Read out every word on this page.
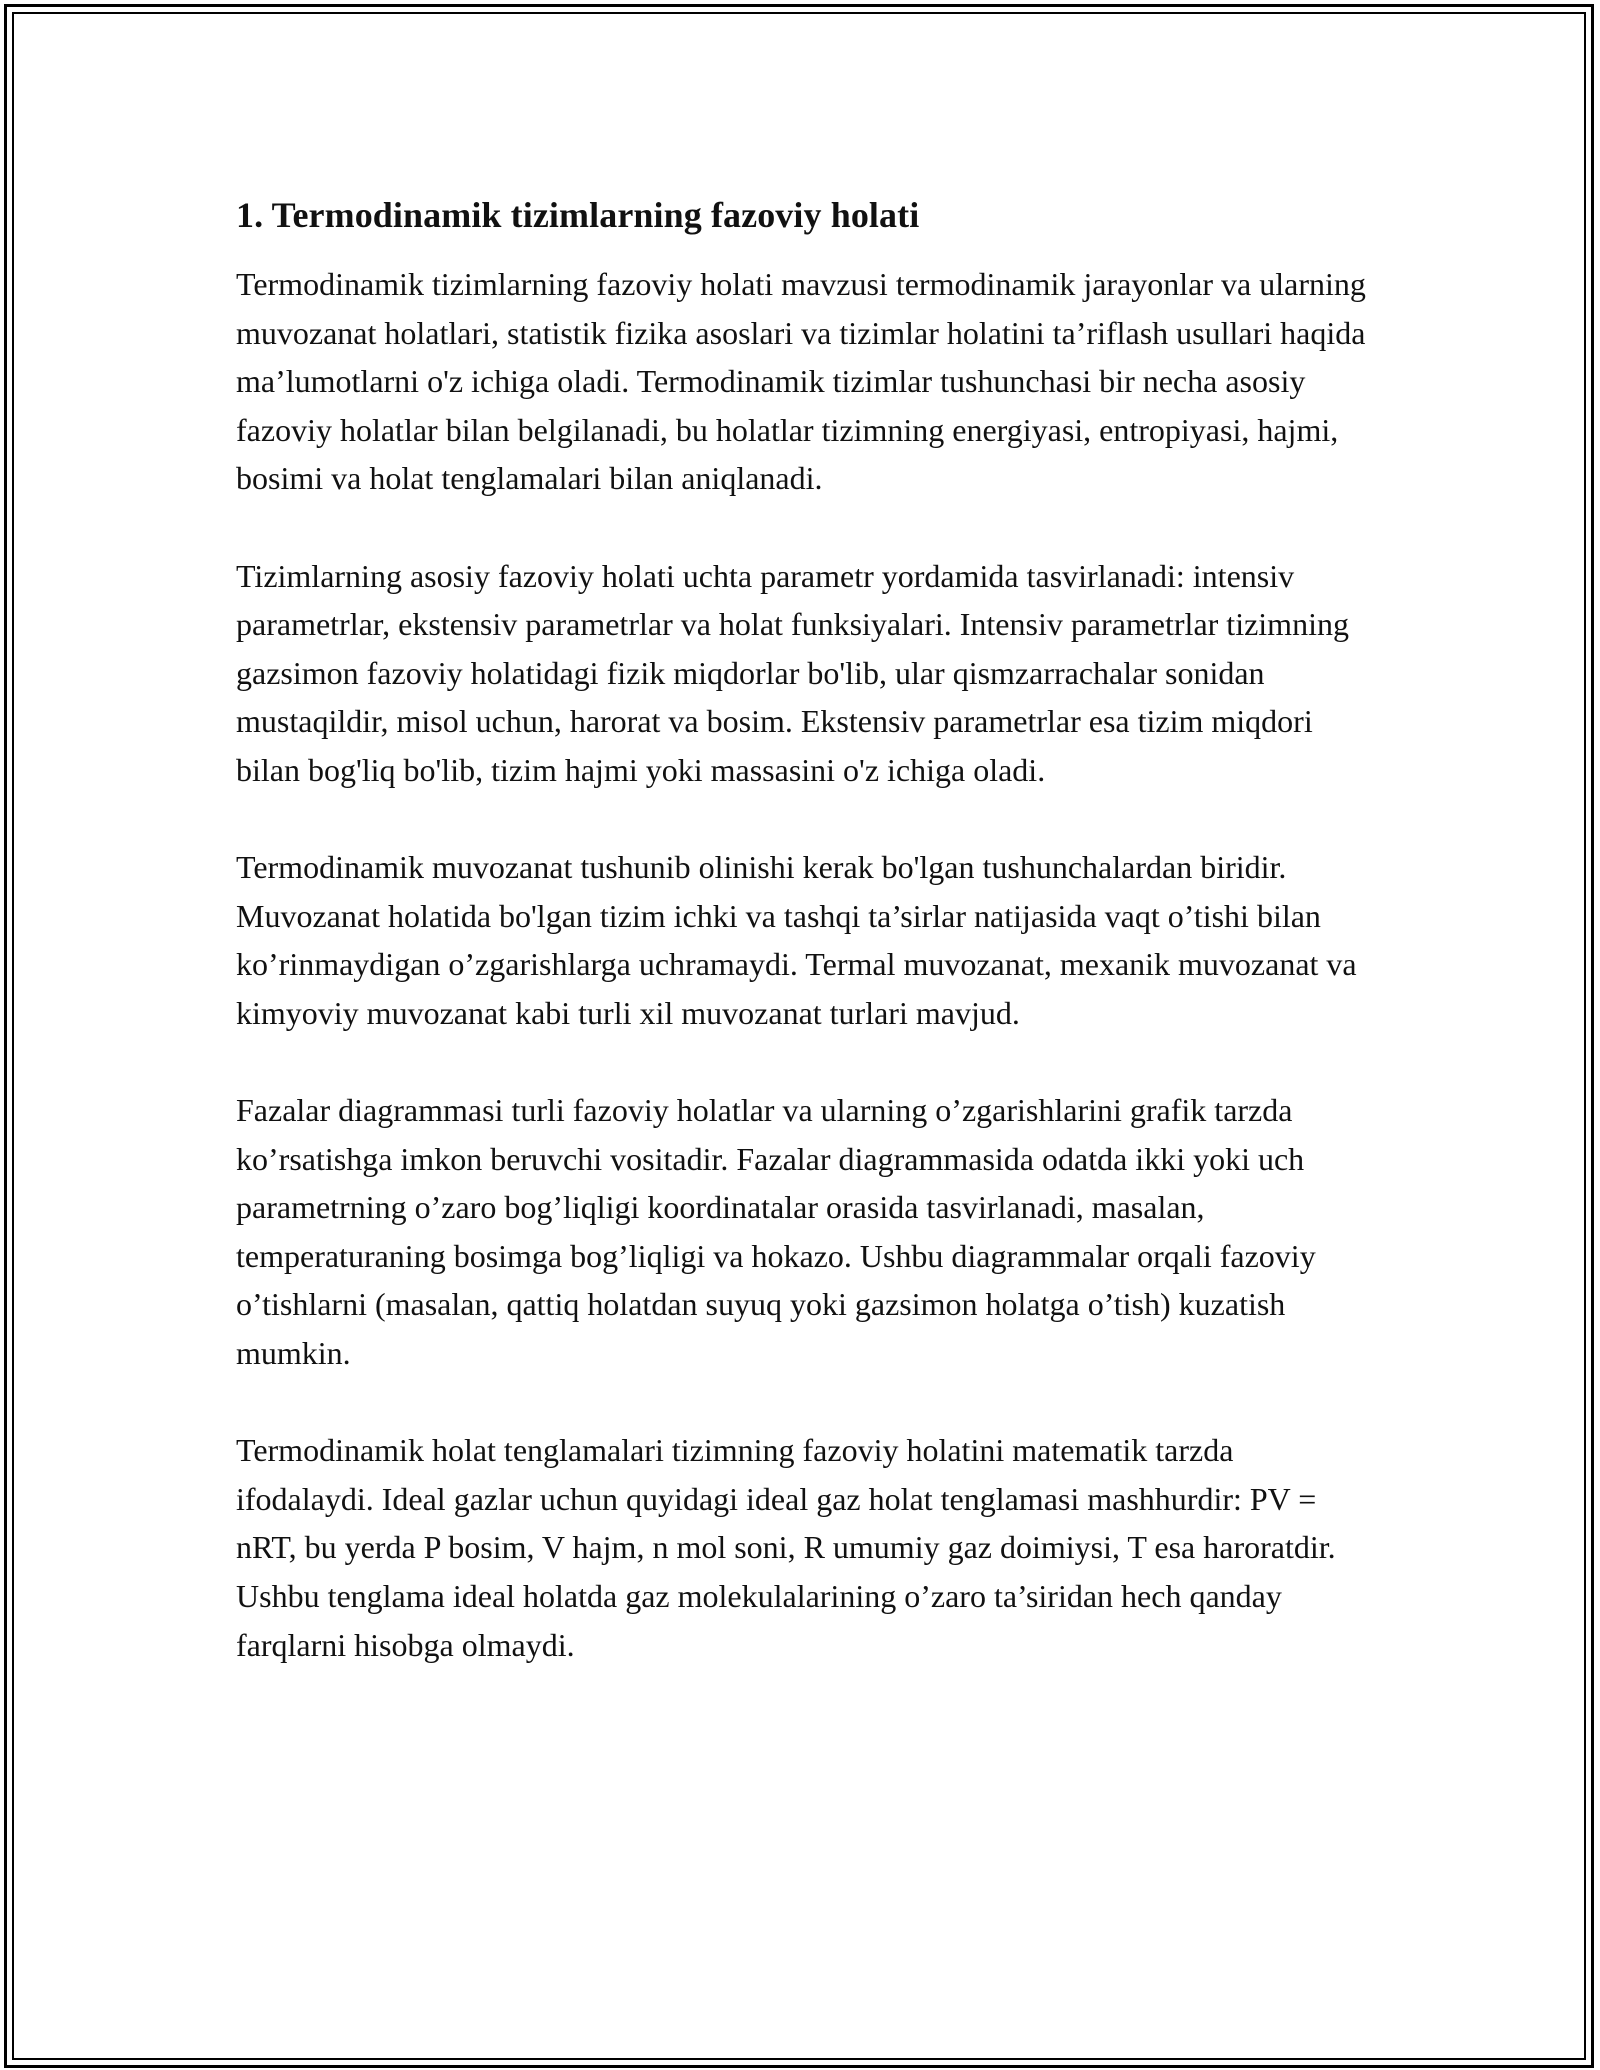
1. Termodinamik tizimlarning fazoviy holati

Termodinamik tizimlarning fazoviy holati mavzusi termodinamik jarayonlar va ularning muvozanat holatlari, statistik fizika asoslari va tizimlar holatini ta’riflash usullari haqida ma’lumotlarni o'z ichiga oladi. Termodinamik tizimlar tushunchasi bir necha asosiy fazoviy holatlar bilan belgilanadi, bu holatlar tizimning energiyasi, entropiyasi, hajmi, bosimi va holat tenglamalari bilan aniqlanadi.

Tizimlarning asosiy fazoviy holati uchta parametr yordamida tasvirlanadi: intensiv parametrlar, ekstensiv parametrlar va holat funksiyalari. Intensiv parametrlar tizimning gazsimon fazoviy holatidagi fizik miqdorlar bo'lib, ular qismzarrachalar sonidan mustaqildir, misol uchun, harorat va bosim. Ekstensiv parametrlar esa tizim miqdori bilan bog'liq bo'lib, tizim hajmi yoki massasini o'z ichiga oladi.

Termodinamik muvozanat tushunib olinishi kerak bo'lgan tushunchalardan biridir. Muvozanat holatida bo'lgan tizim ichki va tashqi ta’sirlar natijasida vaqt o’tishi bilan ko’rinmaydigan o’zgarishlarga uchramaydi. Termal muvozanat, mexanik muvozanat va kimyoviy muvozanat kabi turli xil muvozanat turlari mavjud.

Fazalar diagrammasi turli fazoviy holatlar va ularning o’zgarishlarini grafik tarzda ko’rsatishga imkon beruvchi vositadir. Fazalar diagrammasida odatda ikki yoki uch parametrning o’zaro bog’liqligi koordinatalar orasida tasvirlanadi, masalan, temperaturaning bosimga bog’liqligi va hokazo. Ushbu diagrammalar orqali fazoviy o’tishlarni (masalan, qattiq holatdan suyuq yoki gazsimon holatga o’tish) kuzatish mumkin.

Termodinamik holat tenglamalari tizimning fazoviy holatini matematik tarzda ifodalaydi. Ideal gazlar uchun quyidagi ideal gaz holat tenglamasi mashhurdir: PV = nRT, bu yerda P bosim, V hajm, n mol soni, R umumiy gaz doimiysi, T esa haroratdir. Ushbu tenglama ideal holatda gaz molekulalarining o’zaro ta’siridan hech qanday farqlarni hisobga olmaydi.
